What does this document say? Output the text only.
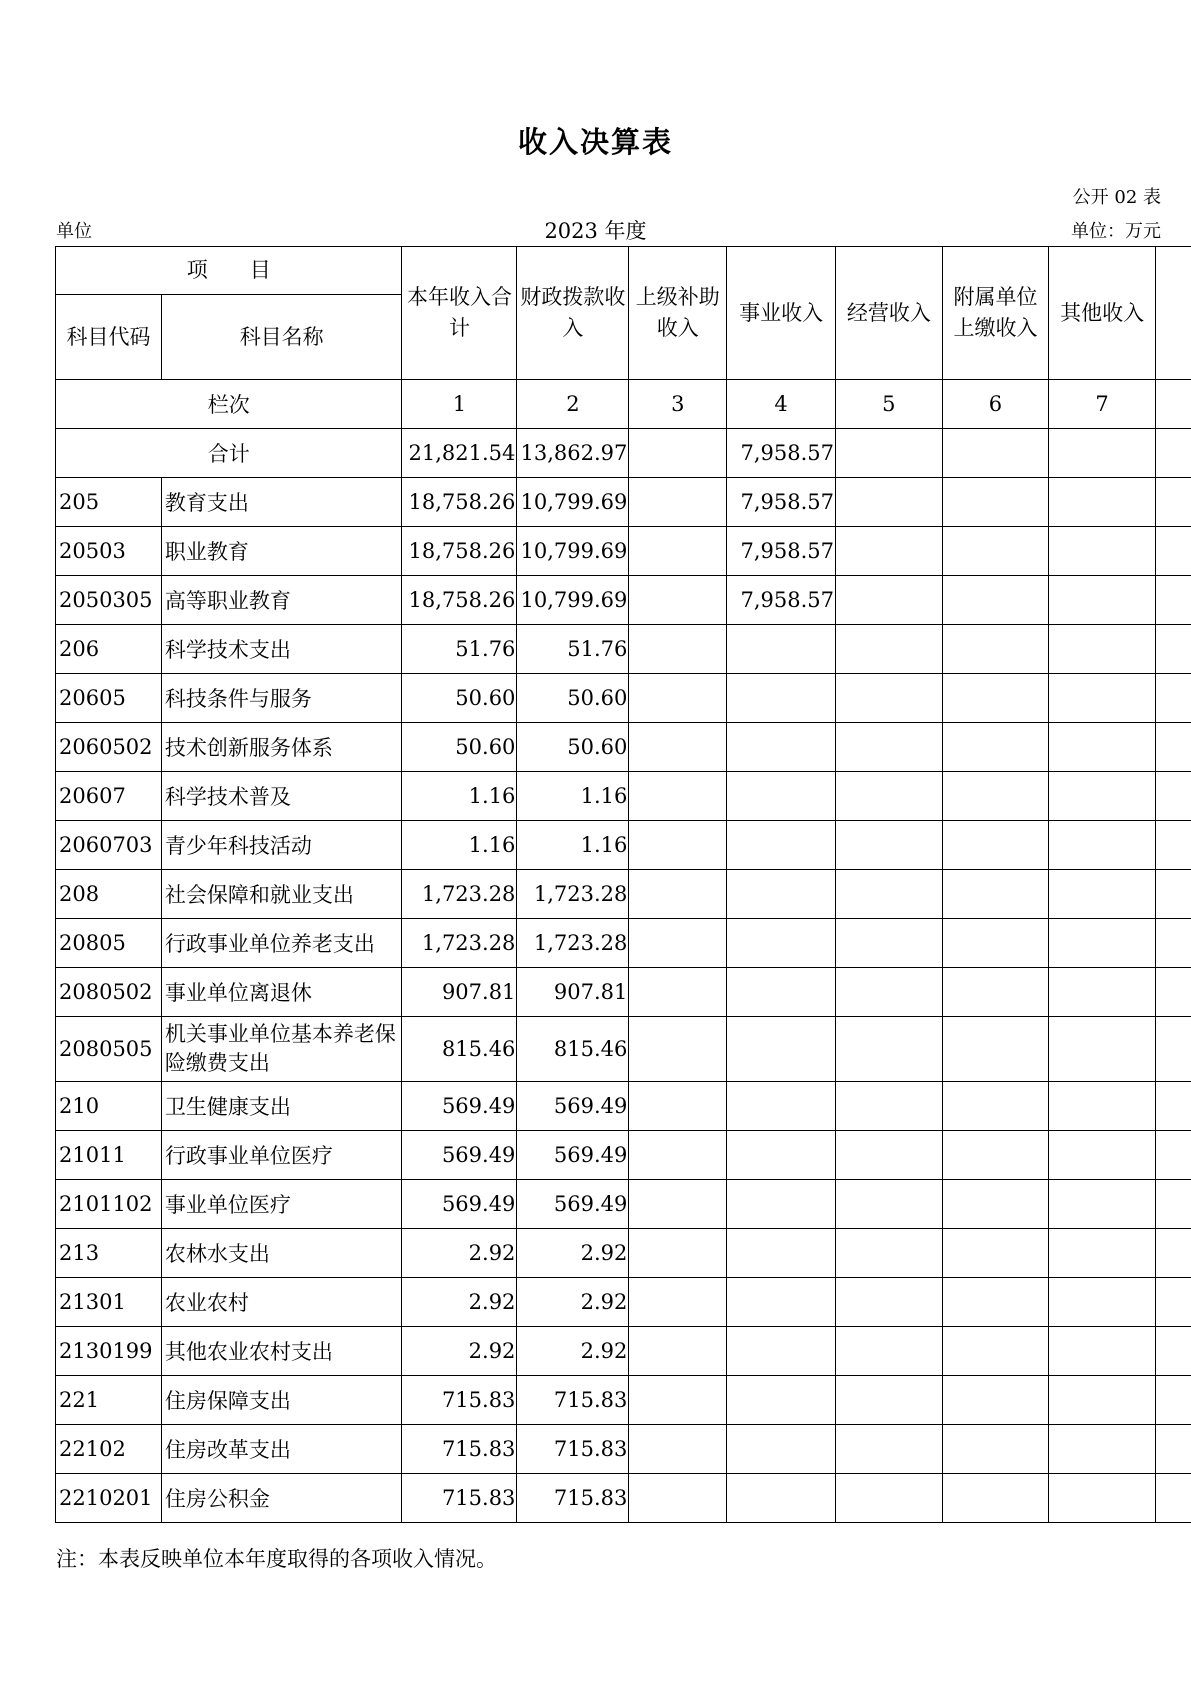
收入决算表
公开 02 表
单位	2023 年度	单位：万元
项　　目		本年收入合计	财政拨款收入	上级补助收入	事业收入	经营收入	附属单位上缴收入	其他收入	
科目代码	科目名称								
栏次		1	2	3	4	5	6	7	
合计		21,821.54	13,862.97		7,958.57				
205	教育支出	18,758.26	10,799.69		7,958.57				
20503	职业教育	18,758.26	10,799.69		7,958.57				
2050305	高等职业教育	18,758.26	10,799.69		7,958.57				
206	科学技术支出	51.76	51.76						
20605	科技条件与服务	50.60	50.60						
2060502	技术创新服务体系	50.60	50.60						
20607	科学技术普及	1.16	1.16						
2060703	青少年科技活动	1.16	1.16						
208	社会保障和就业支出	1,723.28	1,723.28						
20805	行政事业单位养老支出	1,723.28	1,723.28						
2080502	事业单位离退休	907.81	907.81						
2080505	机关事业单位基本养老保险缴费支出	815.46	815.46						
210	卫生健康支出	569.49	569.49						
21011	行政事业单位医疗	569.49	569.49						
2101102	事业单位医疗	569.49	569.49						
213	农林水支出	2.92	2.92						
21301	农业农村	2.92	2.92						
2130199	其他农业农村支出	2.92	2.92						
221	住房保障支出	715.83	715.83						
22102	住房改革支出	715.83	715.83						
2210201	住房公积金	715.83	715.83						
注：本表反映单位本年度取得的各项收入情况。
